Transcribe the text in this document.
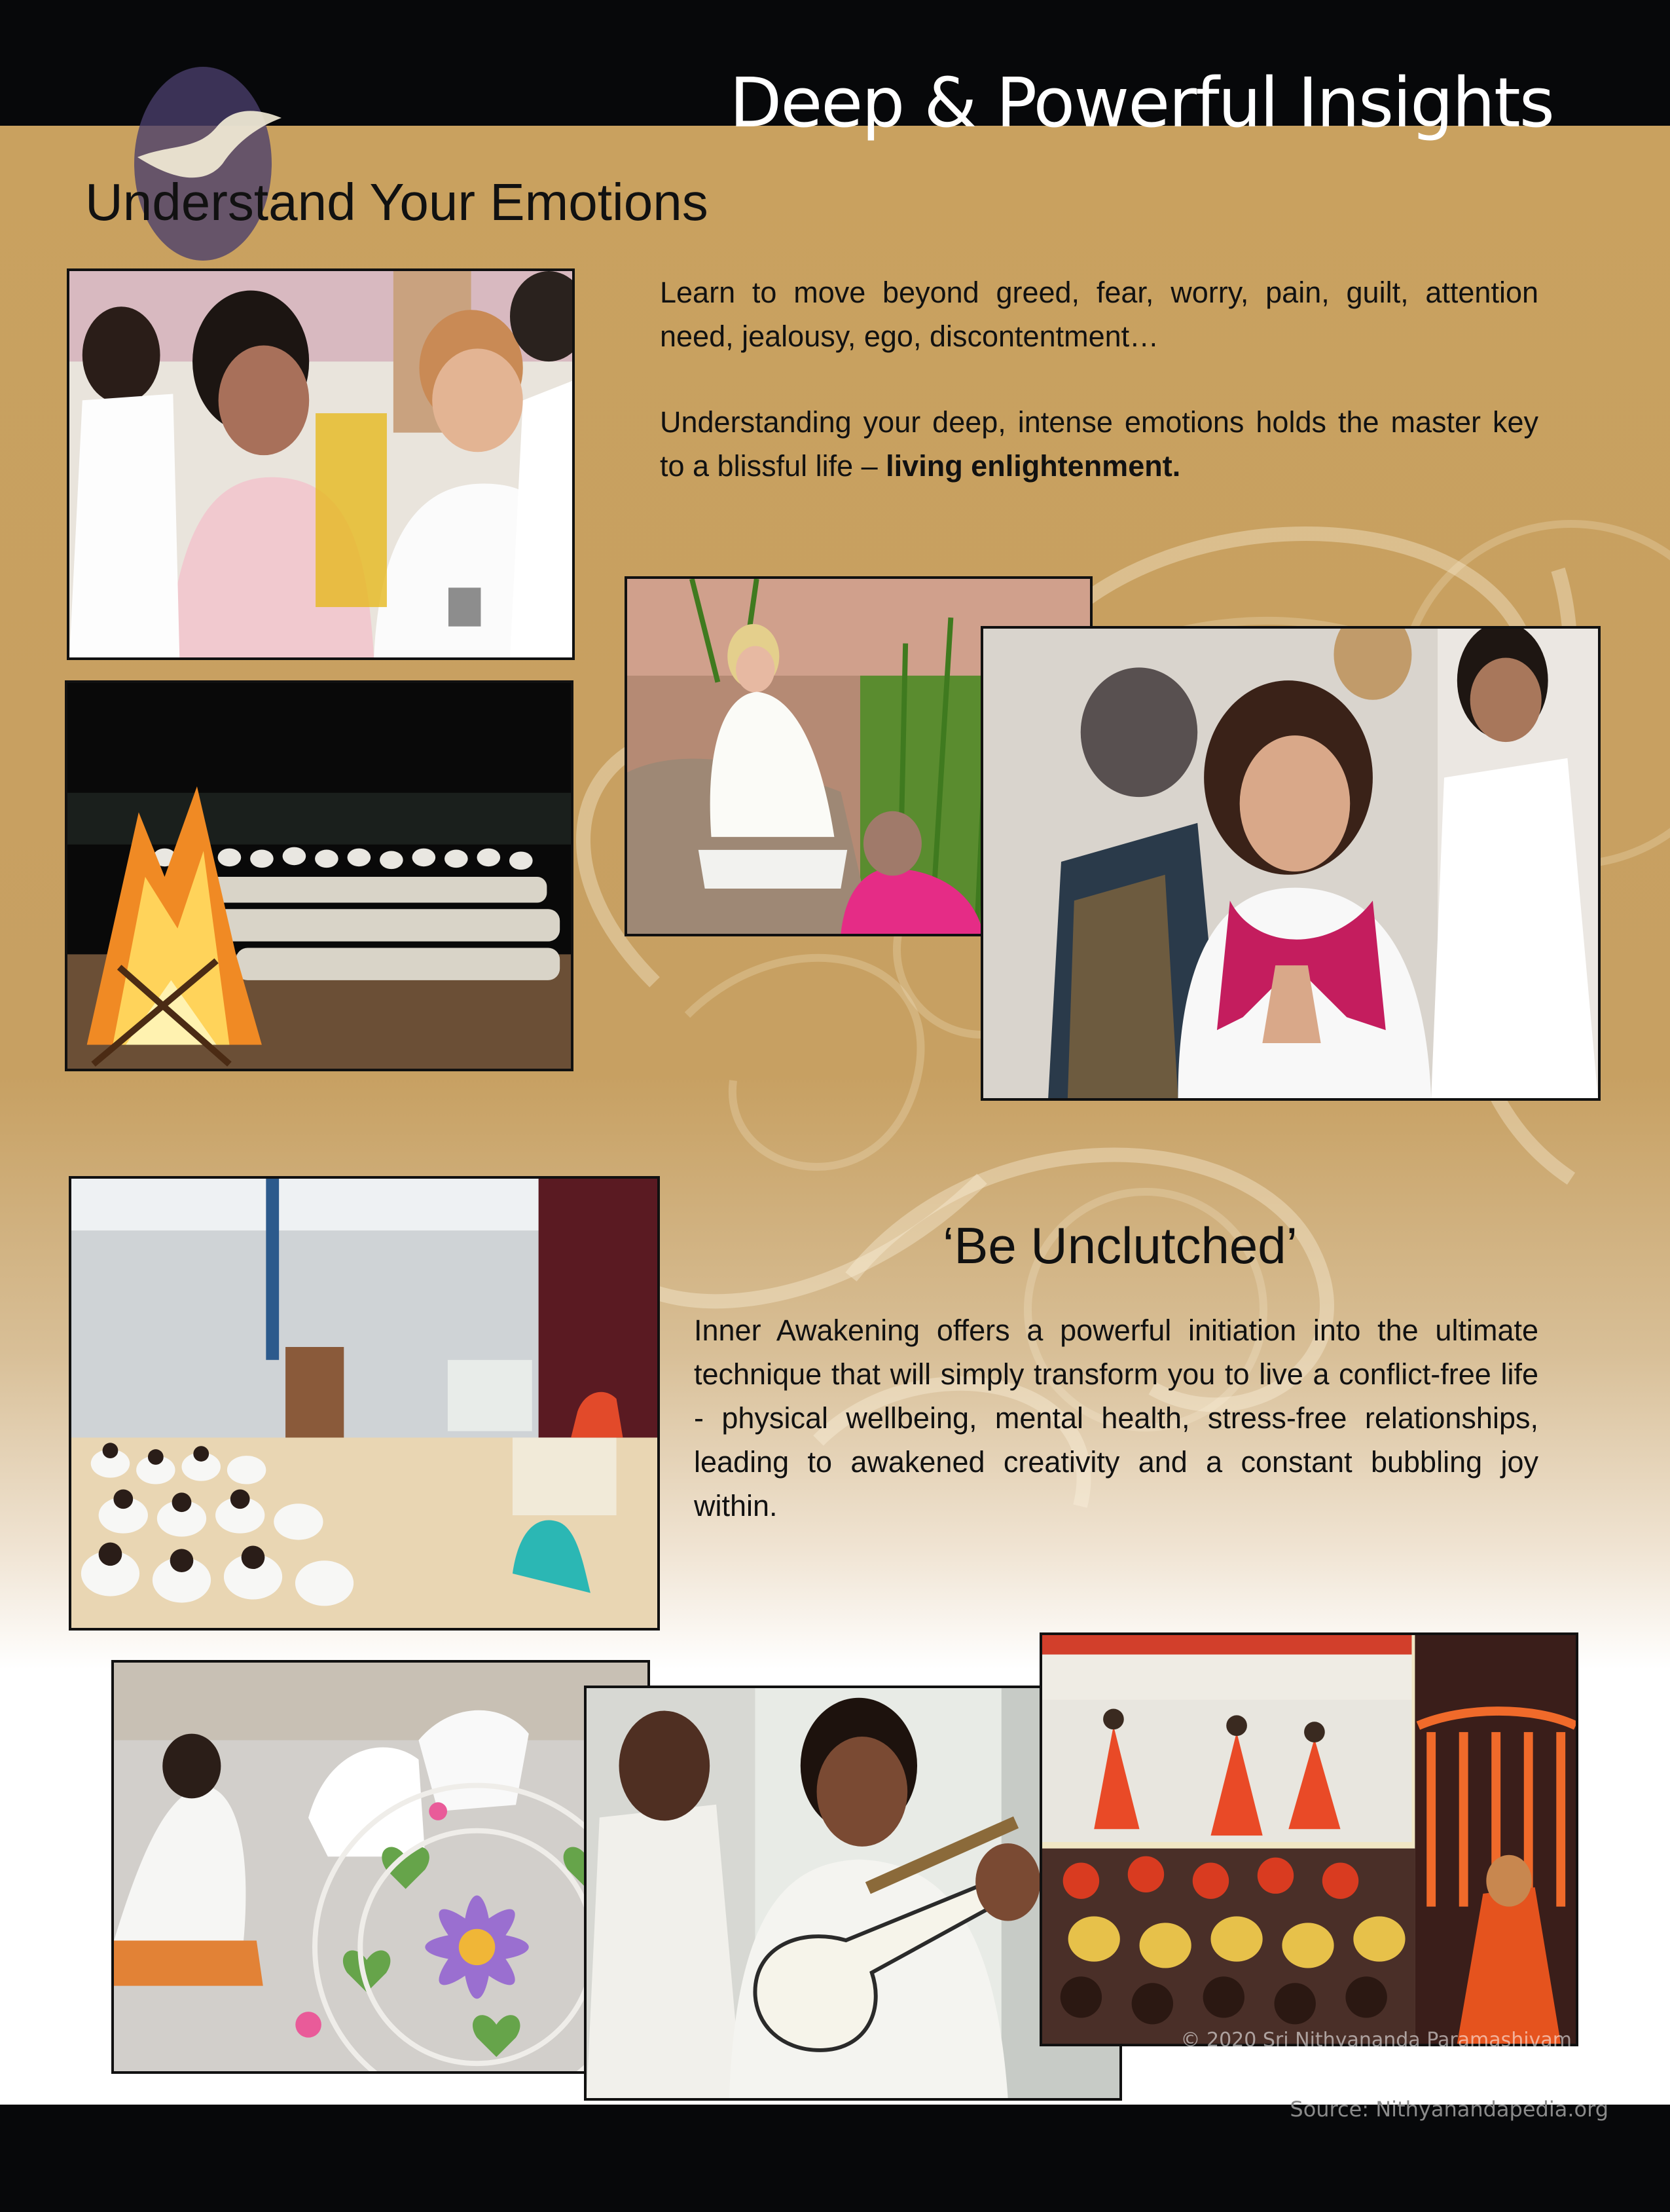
Deep & Powerful Insights
Understand Your Emotions

Learn to move beyond greed, fear, worry, pain, guilt, attention need, jealousy, ego, discontentment…

Understanding your deep, intense emotions holds the master key to a blissful life – living enlightenment.

‘Be Unclutched’

Inner Awakening offers a powerful initiation into the ultimate technique that will simply transform you to live a conflict-free life - physical wellbeing, mental health, stress-free relationships, leading to awakened creativity and a constant bubbling joy within.

© 2020 Sri Nithyananda Paramashivam
Source: Nithyanandapedia.org
